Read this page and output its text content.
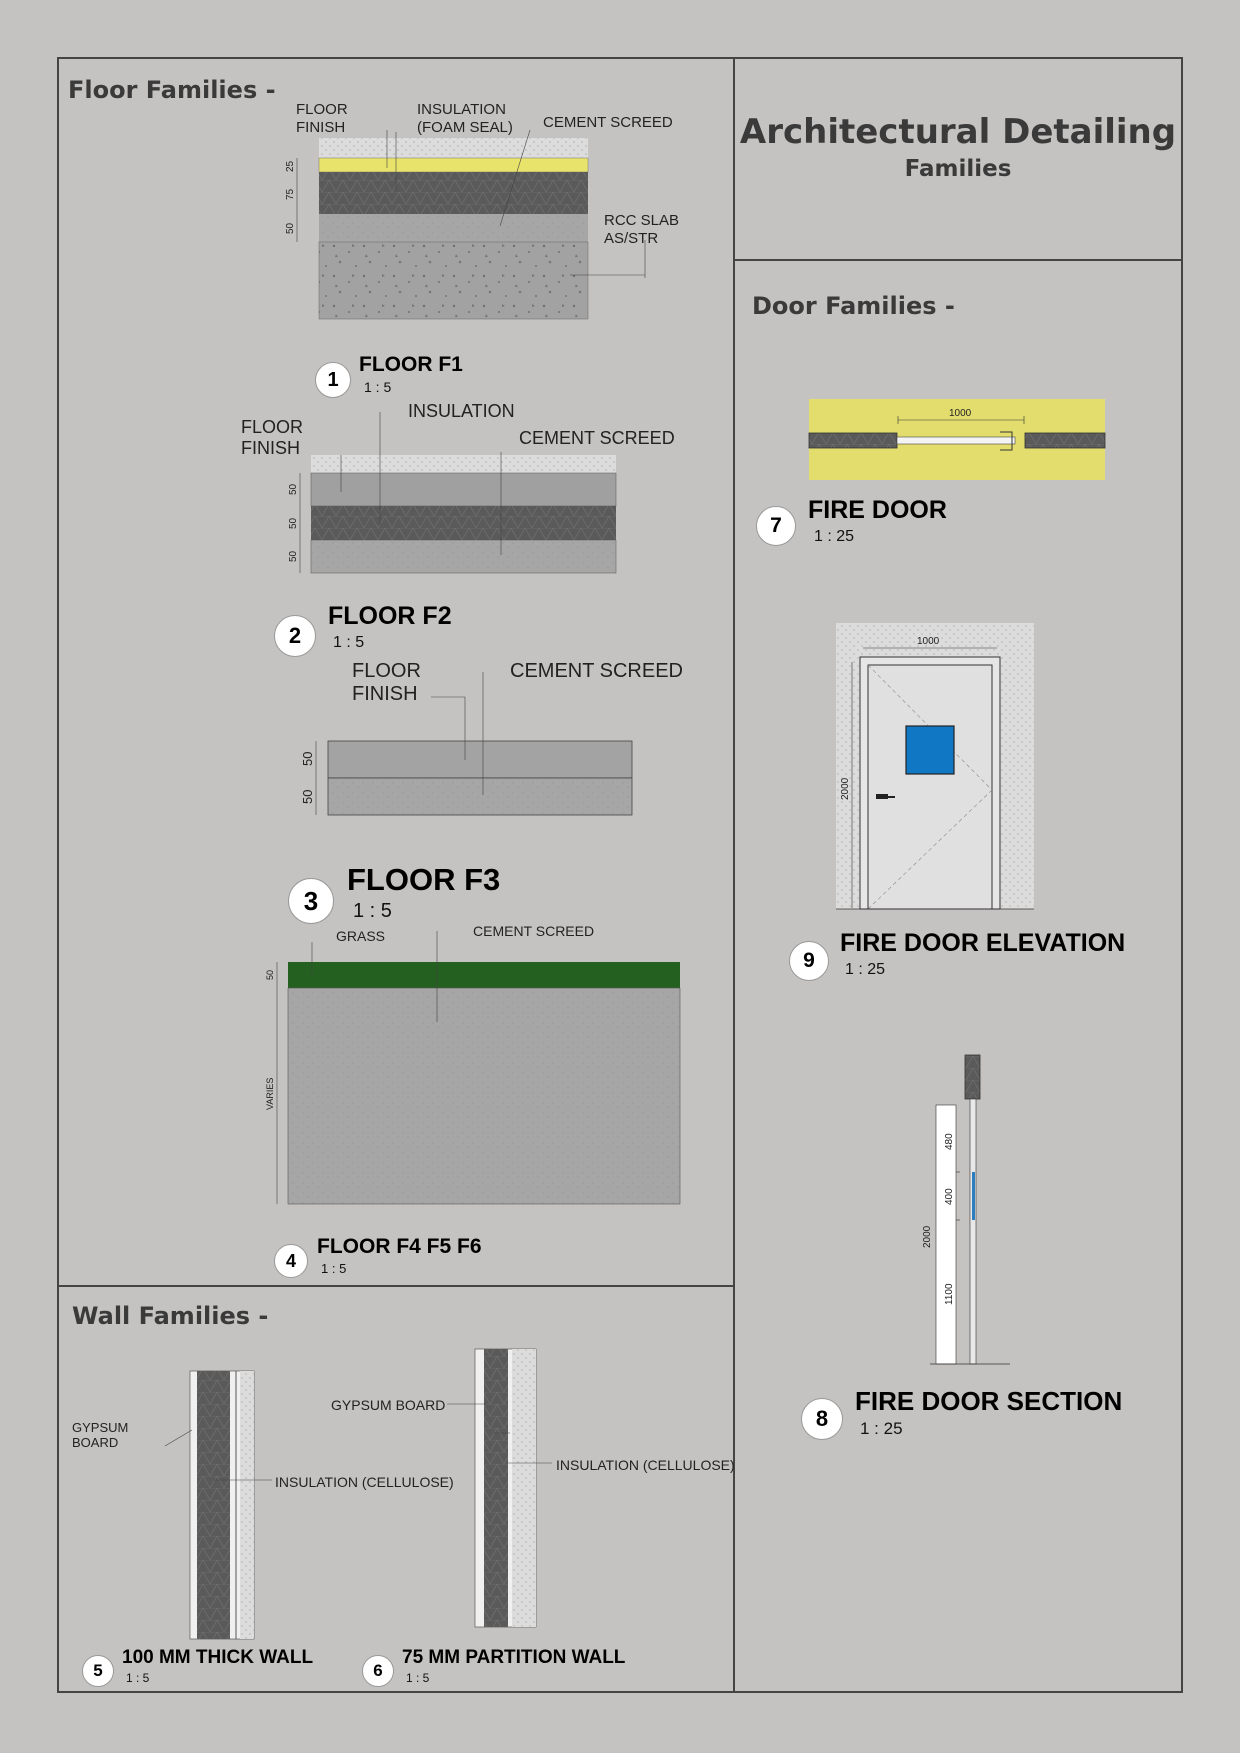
Architectural Detailing
Families
Floor Families -
Door Families -
Wall Families -
25
75
50
50
50
50
50
50
50
VARIES
1000
1000
2000
480
400
2000
1100
FLOOR
FINISH
INSULATION
(FOAM SEAL) CEMENT SCREED
RCC SLAB
AS/STR
1
FLOOR F1
1 : 5
FLOOR
FINISH
INSULATION
CEMENT SCREED
2
FLOOR F2
1 : 5
FLOOR
FINISH
CEMENT SCREED
3
FLOOR F3
1 : 5
GRASS	CEMENT SCREED
4
FLOOR F4 F5 F6
1 : 5
GYPSUM
BOARD
INSULATION (CELLULOSE)
5
100 MM THICK WALL
1 : 5
GYPSUM BOARD
INSULATION (CELLULOSE)
6
75 MM PARTITION WALL
1 : 5
7
FIRE DOOR
1 : 25
9
FIRE DOOR ELEVATION
1 : 25
8
FIRE DOOR SECTION
1 : 25
